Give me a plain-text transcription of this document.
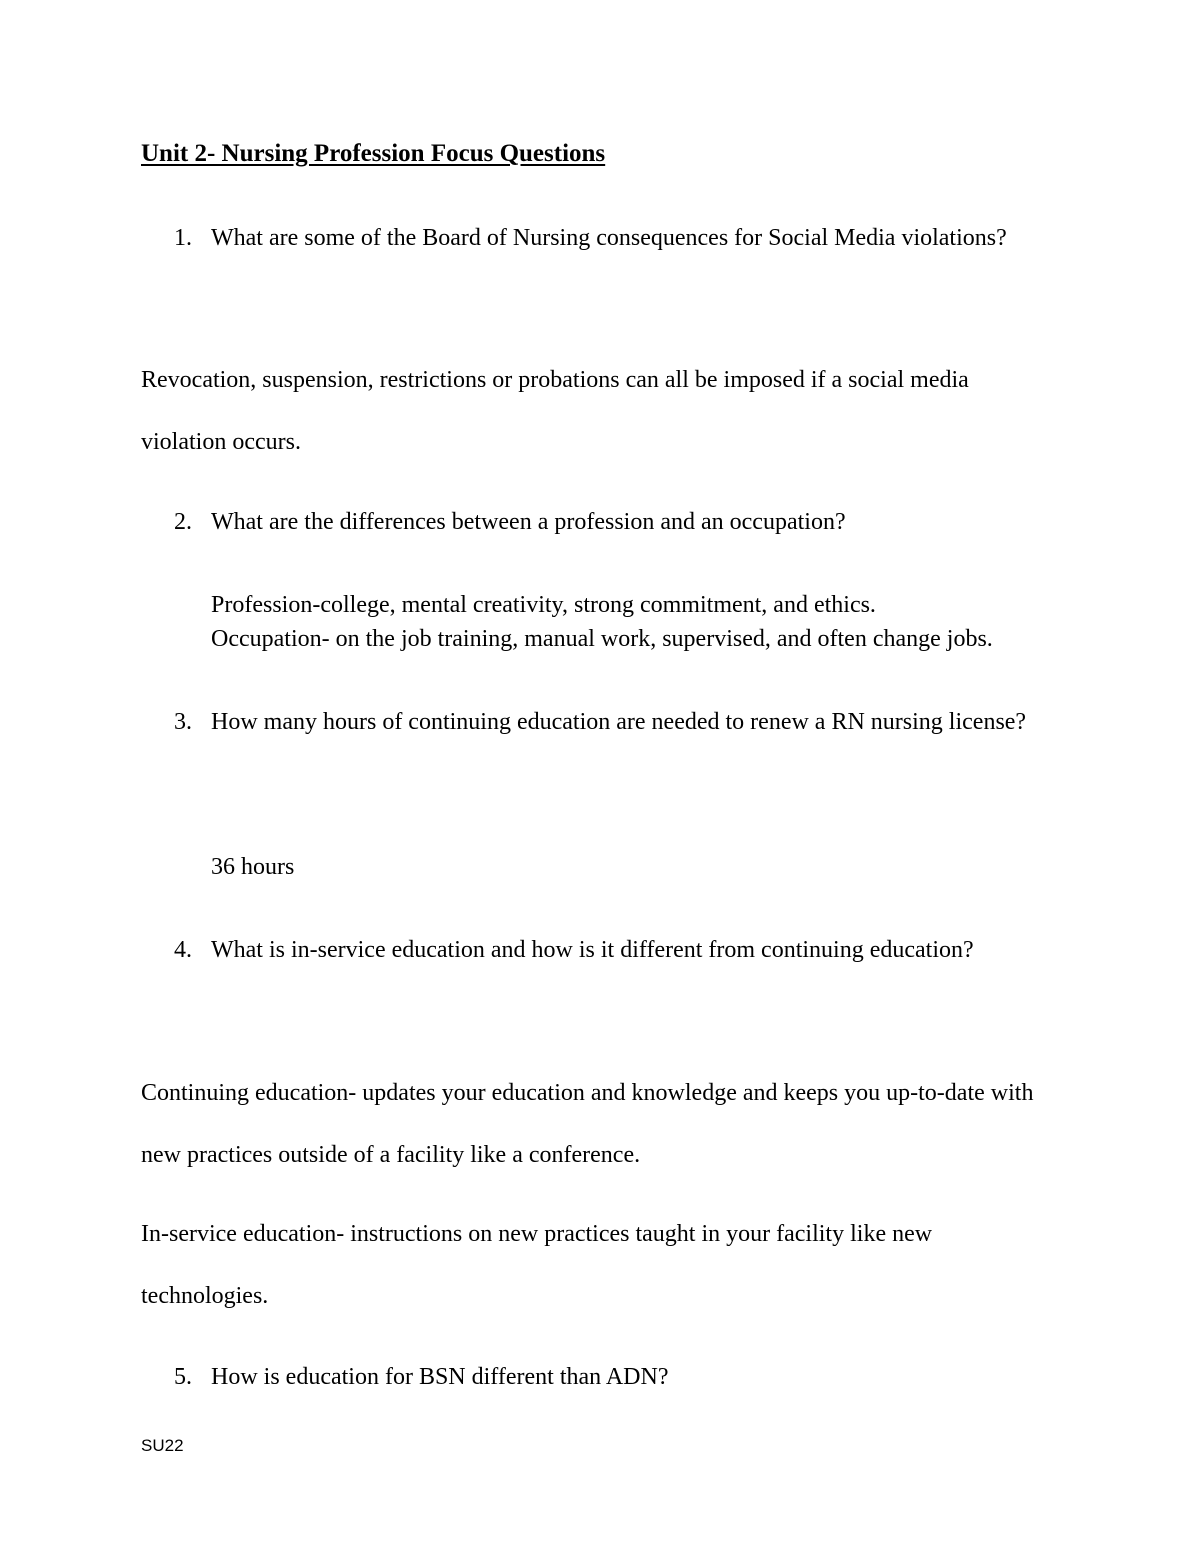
Unit 2- Nursing Profession Focus Questions
1. What are some of the Board of Nursing consequences for Social Media violations?
Revocation, suspension, restrictions or probations can all be imposed if a social media violation occurs.
2. What are the differences between a profession and an occupation?
Profession-college, mental creativity, strong commitment, and ethics.
Occupation- on the job training, manual work, supervised, and often change jobs.
3. How many hours of continuing education are needed to renew a RN nursing license?
36 hours
4. What is in-service education and how is it different from continuing education?
Continuing education- updates your education and knowledge and keeps you up-to-date with new practices outside of a facility like a conference.
In-service education- instructions on new practices taught in your facility like new technologies.
5. How is education for BSN different than ADN?
SU22
